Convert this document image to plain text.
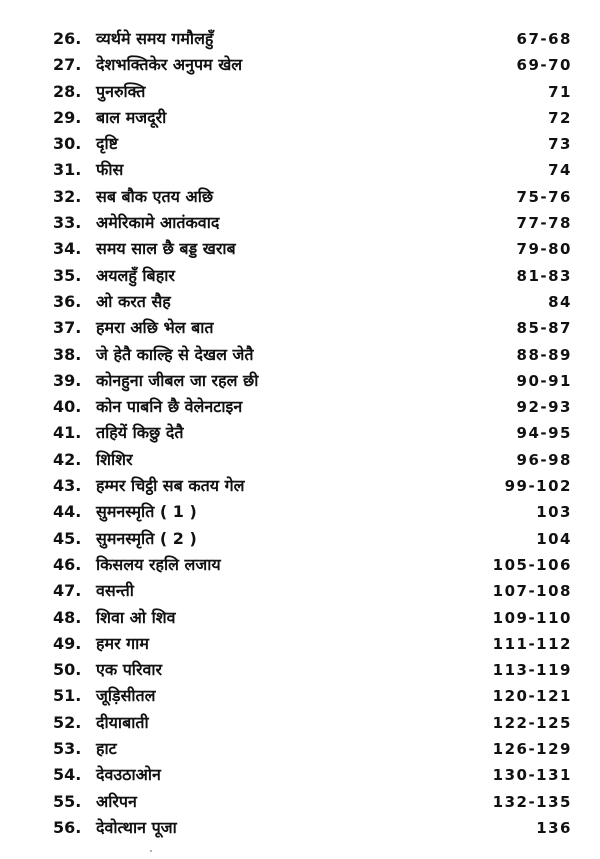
26. व्यर्थमे समय गमौलहुँ	67-68
27. देशभक्तिकेर अनुपम खेल	69-70
28. पुनरुक्ति	71
29. बाल मजदूरी	72
30. दृष्टि	73
31. फीस	74
32. सब बौक एतय अछि	75-76
33. अमेरिकामे आतंकवाद	77-78
34. समय साल छै बड्ड खराब	79-80
35. अयलहुँ बिहार	81-83
36. ओ करत सैह	84
37. हमरा अछि भेल बात	85-87
38. जे हेतै काल्हि से देखल जेतै	88-89
39. कोनहुना जीबल जा रहल छी	90-91
40. कोन पाबनि छै वेलेनटाइन	92-93
41. तहियें किछु देतै	94-95
42. शिशिर	96-98
43. हम्मर चिट्ठी सब कतय गेल	99-102
44. सुमनस्मृति ( 1 )	103
45. सुमनस्मृति ( 2 )	104
46. किसलय रहलि लजाय	105-106
47. वसन्ती	107-108
48. शिवा ओ शिव	109-110
49. हमर गाम	111-112
50. एक परिवार	113-119
51. जूड़िसीतल	120-121
52. दीयाबाती	122-125
53. हाट	126-129
54. देवउठाओन	130-131
55. अरिपन	132-135
56. देवोत्थान पूजा	136
